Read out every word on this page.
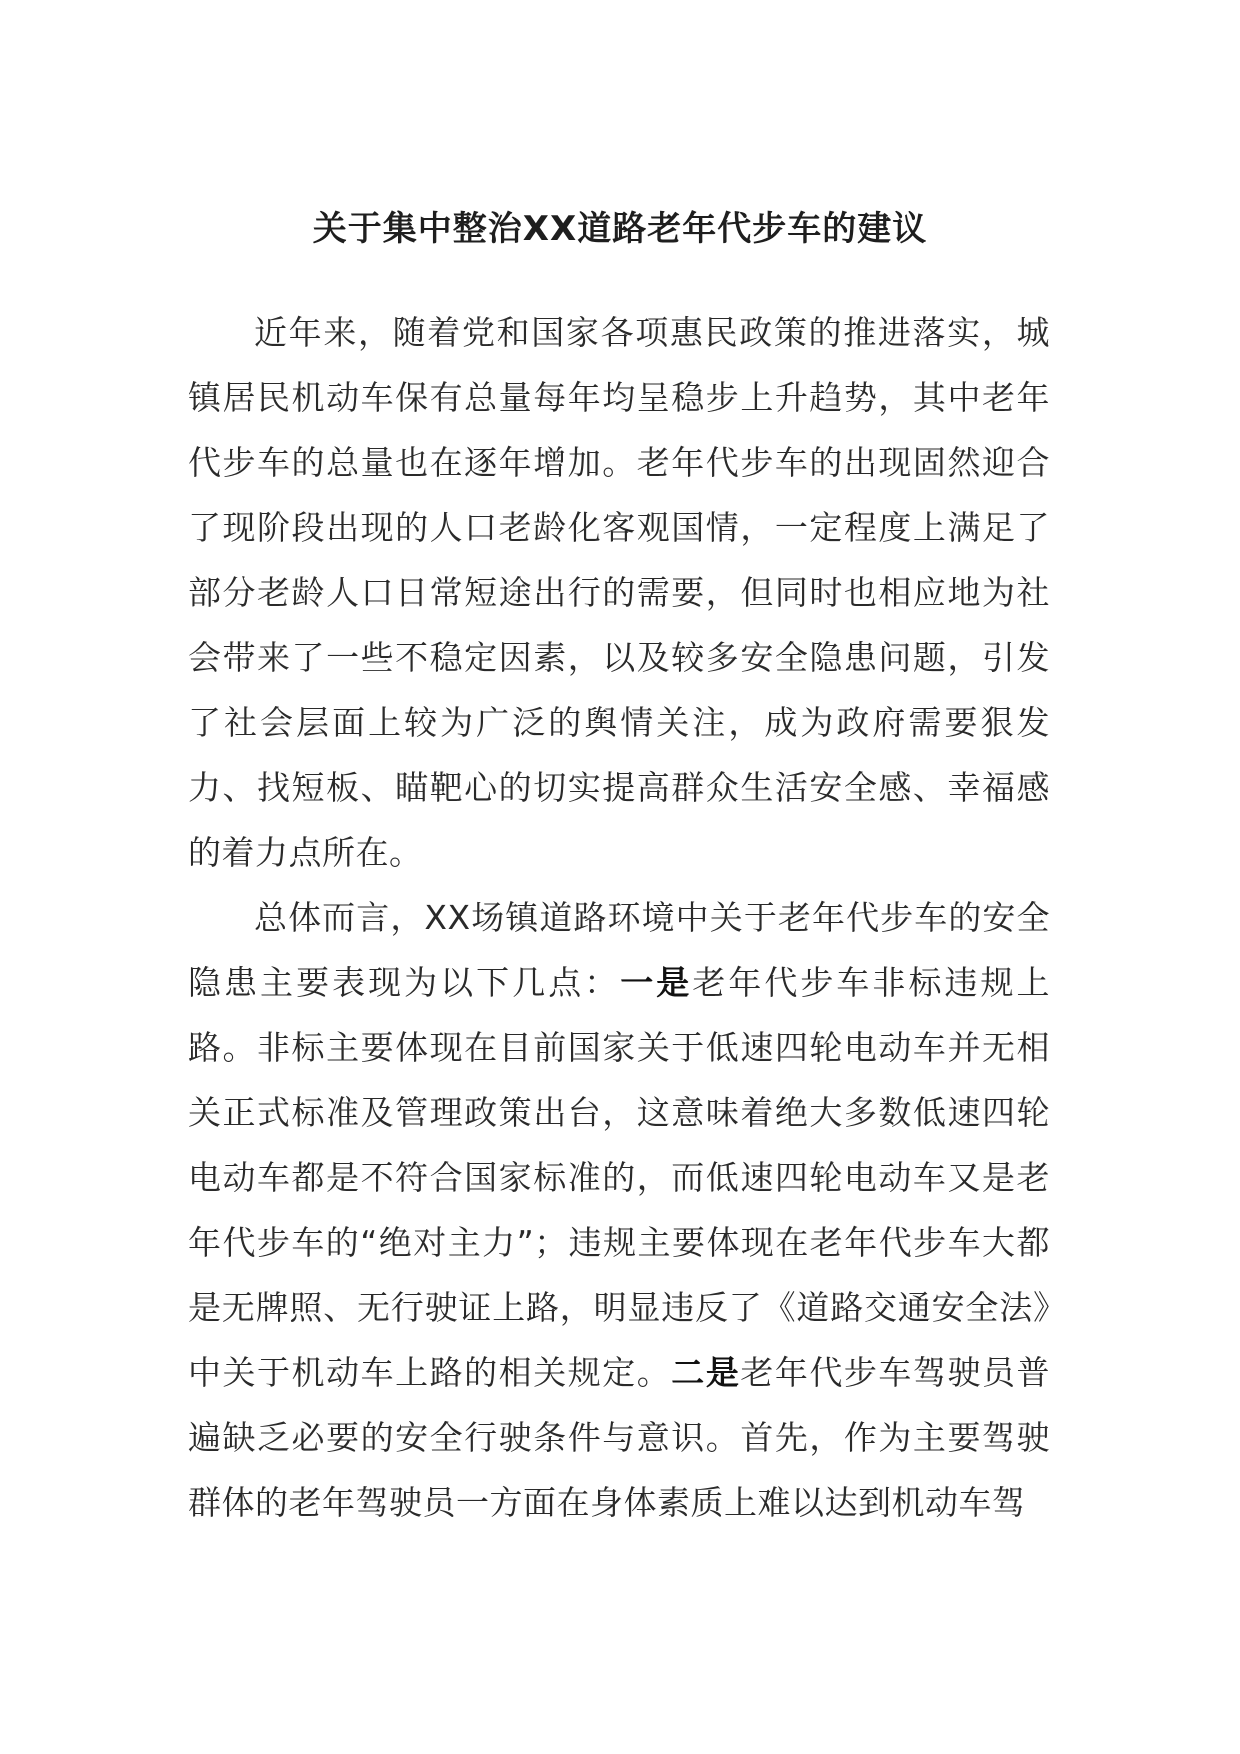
关于集中整治XX道路老年代步车的建议

近年来，随着党和国家各项惠民政策的推进落实，城镇居民机动车保有总量每年均呈稳步上升趋势，其中老年代步车的总量也在逐年增加。老年代步车的出现固然迎合了现阶段出现的人口老龄化客观国情，一定程度上满足了部分老龄人口日常短途出行的需要，但同时也相应地为社会带来了一些不稳定因素，以及较多安全隐患问题，引发了社会层面上较为广泛的舆情关注，成为政府需要狠发力、找短板、瞄靶心的切实提高群众生活安全感、幸福感的着力点所在。

总体而言，XX场镇道路环境中关于老年代步车的安全隐患主要表现为以下几点：一是老年代步车非标违规上路。非标主要体现在目前国家关于低速四轮电动车并无相关正式标准及管理政策出台，这意味着绝大多数低速四轮电动车都是不符合国家标准的，而低速四轮电动车又是老年代步车的“绝对主力”；违规主要体现在老年代步车大都是无牌照、无行驶证上路，明显违反了《道路交通安全法》中关于机动车上路的相关规定。二是老年代步车驾驶员普遍缺乏必要的安全行驶条件与意识。首先，作为主要驾驶群体的老年驾驶员一方面在身体素质上难以达到机动车驾
